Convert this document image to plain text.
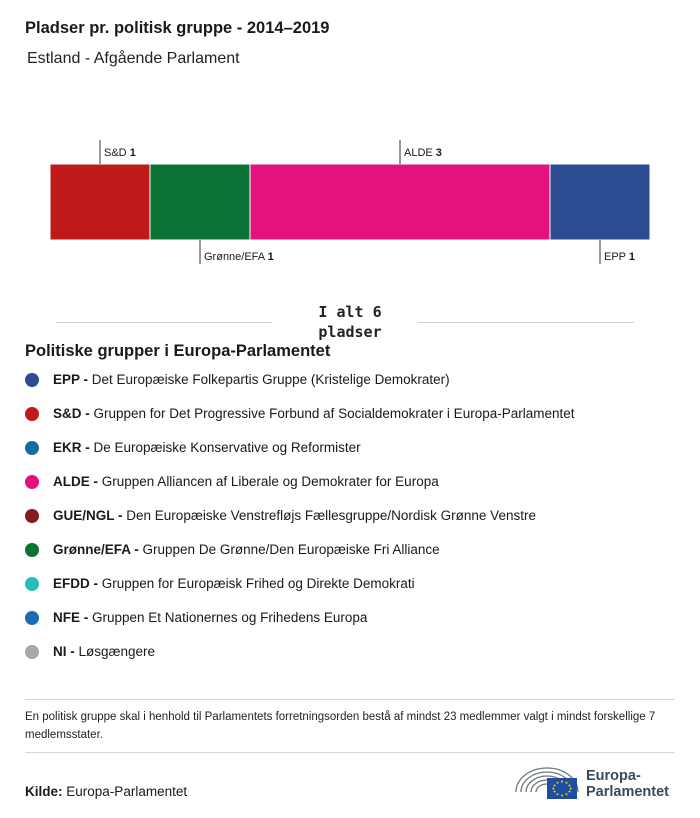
Pladser pr. politisk gruppe - 2014–2019
Estland - Afgående Parlament
S&D 1
Grønne/EFA 1
ALDE 3
EPP 1
I alt 6
pladser
Politiske grupper i Europa-Parlamentet
EPP - Det Europæiske Folkepartis Gruppe (Kristelige Demokrater)
S&D - Gruppen for Det Progressive Forbund af Socialdemokrater i Europa-Parlamentet
EKR - De Europæiske Konservative og Reformister
ALDE - Gruppen Alliancen af Liberale og Demokrater for Europa
GUE/NGL - Den Europæiske Venstrefløjs Fællesgruppe/Nordisk Grønne Venstre
Grønne/EFA - Gruppen De Grønne/Den Europæiske Fri Alliance
EFDD - Gruppen for Europæisk Frihed og Direkte Demokrati
NFE - Gruppen Et Nationernes og Frihedens Europa
NI - Løsgængere
En politisk gruppe skal i henhold til Parlamentets forretningsorden bestå af mindst 23 medlemmer valgt i mindst forskellige 7 medlemsstater.
Kilde: Europa-Parlamentet
Europa-
Parlamentet
